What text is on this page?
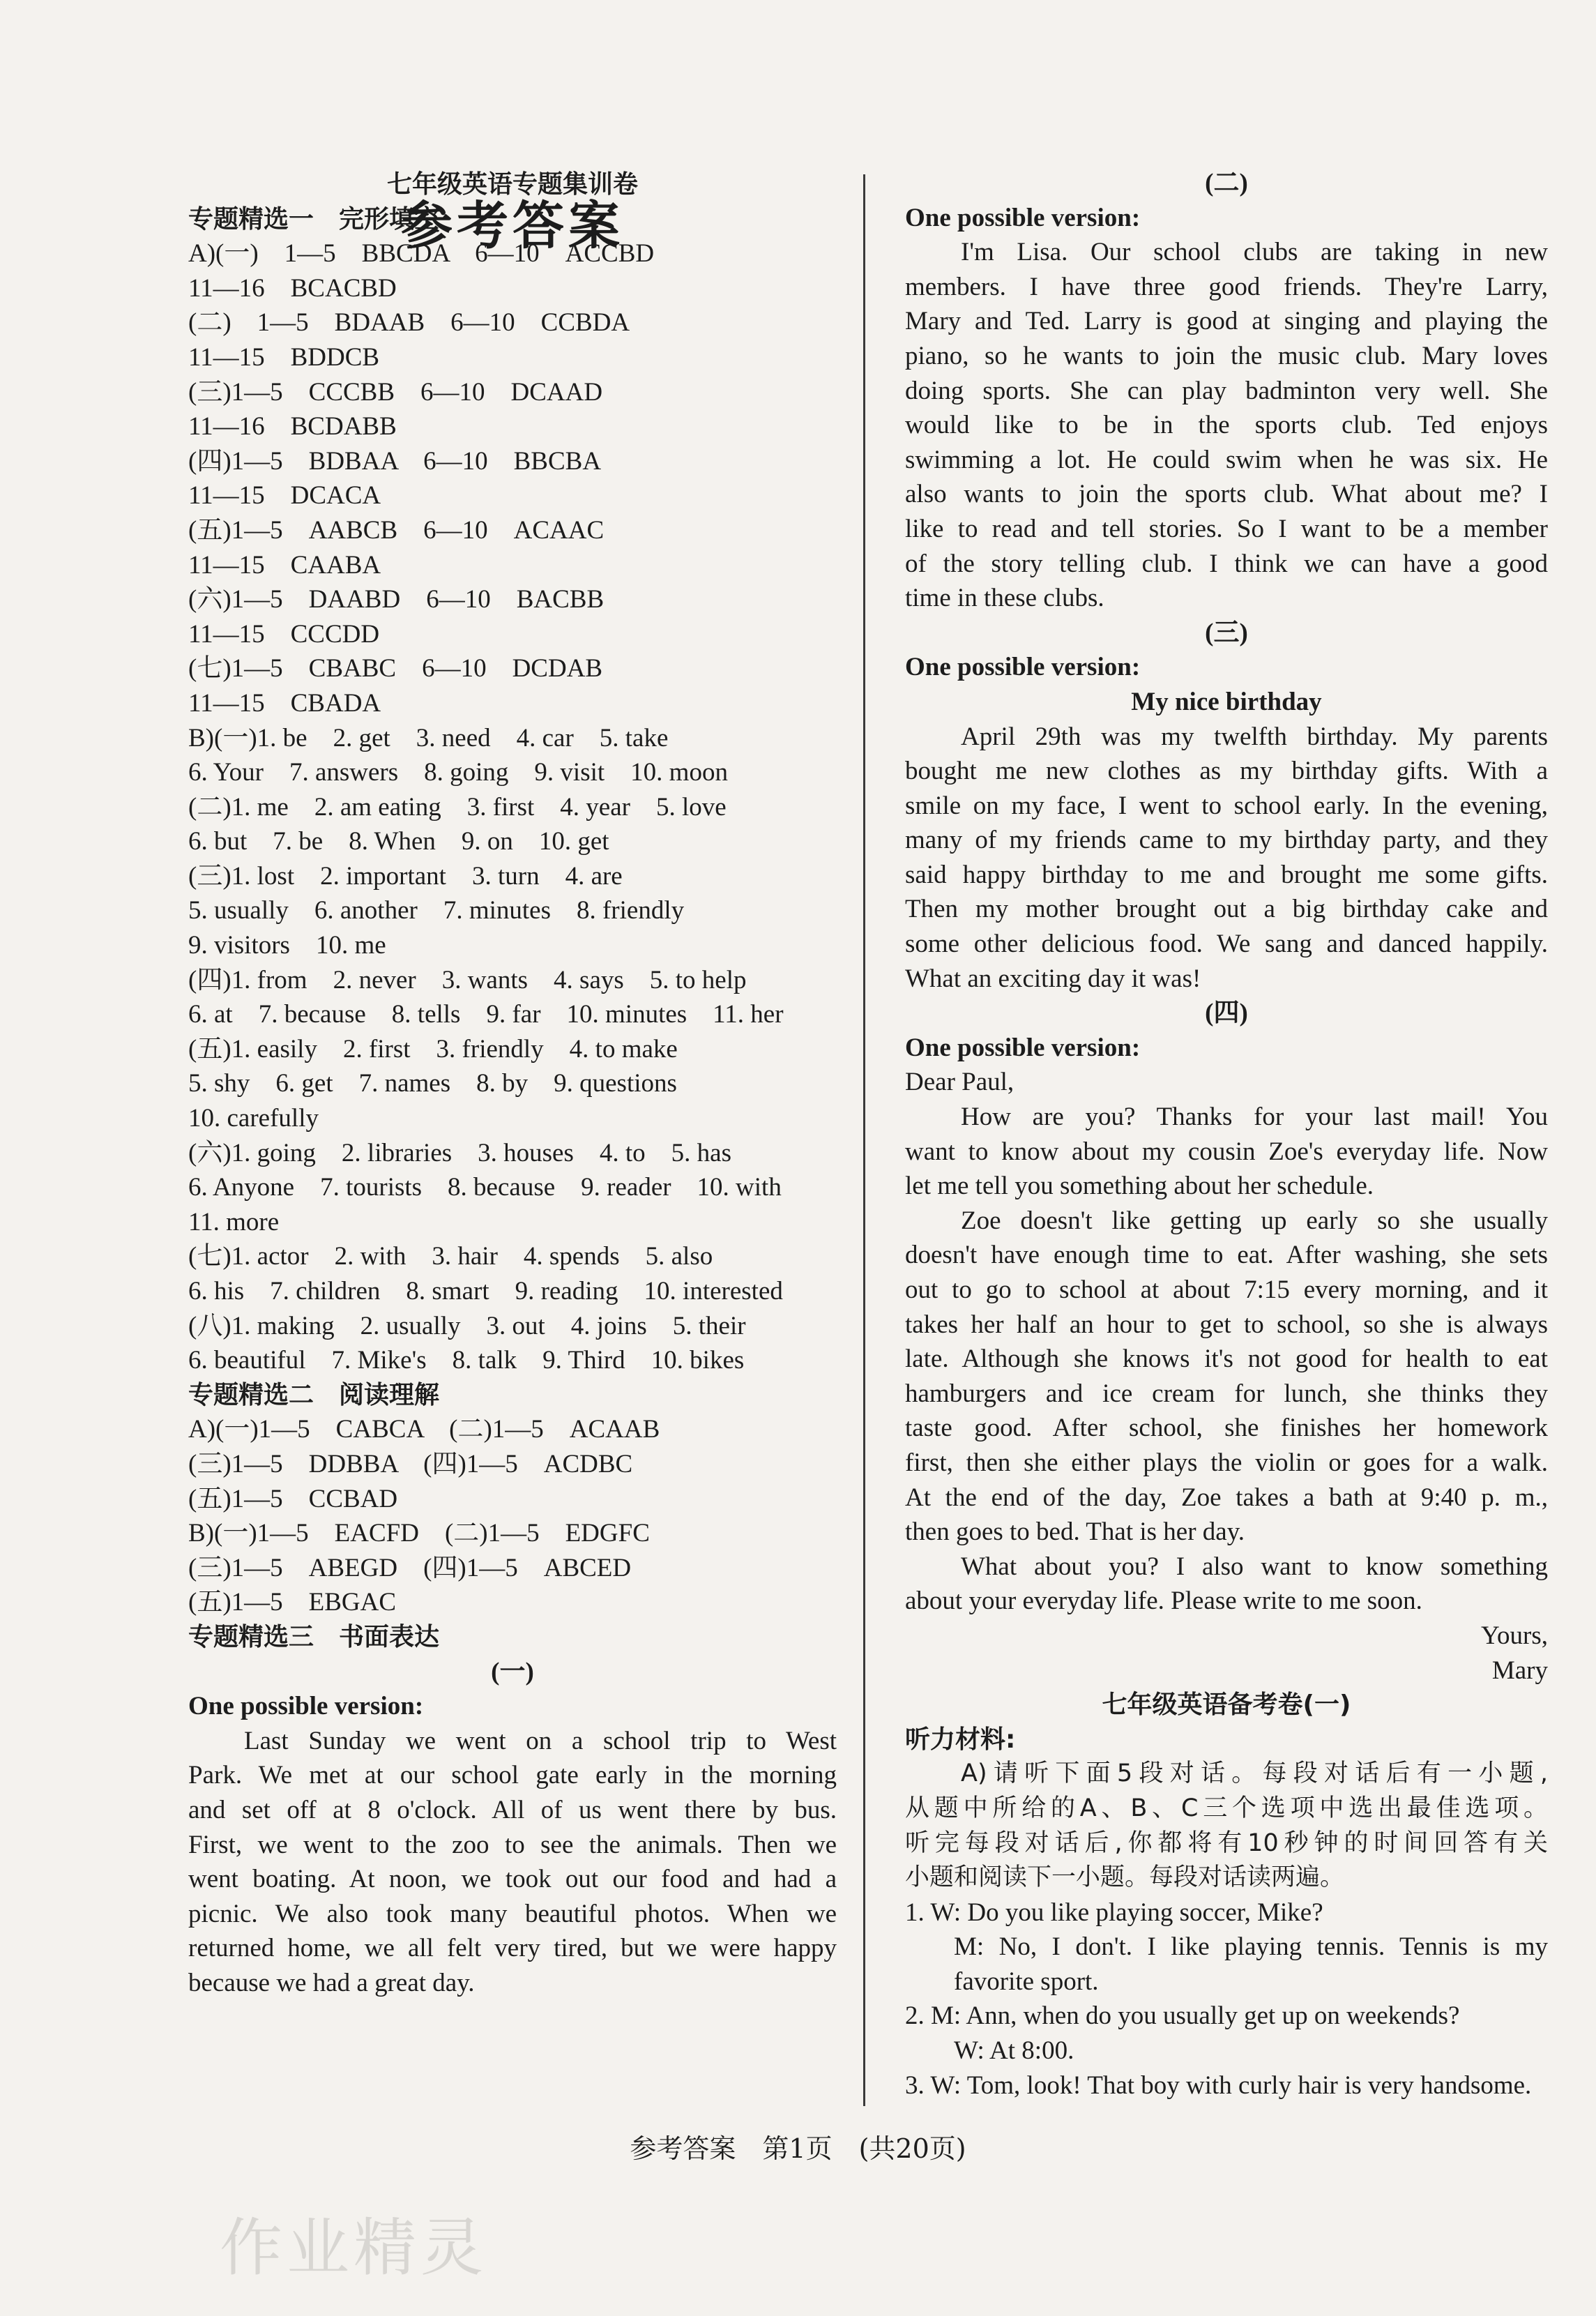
参考答案
七年级英语专题集训卷
专题精选一　完形填空
A)(一)　1—5　BBCDA　6—10　ACCBD
11—16　BCACBD
(二)　1—5　BDAAB　6—10　CCBDA
11—15　BDDCB
(三)1—5　CCCBB　6—10　DCAAD
11—16　BCDABB
(四)1—5　BDBAA　6—10　BBCBA
11—15　DCACA
(五)1—5　AABCB　6—10　ACAAC
11—15　CAABA
(六)1—5　DAABD　6—10　BACBB
11—15　CCCDD
(七)1—5　CBABC　6—10　DCDAB
11—15　CBADA
B)(一)1. be　2. get　3. need　4. car　5. take
6. Your　7. answers　8. going　9. visit　10. moon
(二)1. me　2. am eating　3. first　4. year　5. love
6. but　7. be　8. When　9. on　10. get
(三)1. lost　2. important　3. turn　4. are
5. usually　6. another　7. minutes　8. friendly
9. visitors　10. me
(四)1. from　2. never　3. wants　4. says　5. to help
6. at　7. because　8. tells　9. far　10. minutes　11. her
(五)1. easily　2. first　3. friendly　4. to make
5. shy　6. get　7. names　8. by　9. questions
10. carefully
(六)1. going　2. libraries　3. houses　4. to　5. has
6. Anyone　7. tourists　8. because　9. reader　10. with
11. more
(七)1. actor　2. with　3. hair　4. spends　5. also
6. his　7. children　8. smart　9. reading　10. interested
(八)1. making　2. usually　3. out　4. joins　5. their
6. beautiful　7. Mike's　8. talk　9. Third　10. bikes
专题精选二　阅读理解
A)(一)1—5　CABCA　(二)1—5　ACAAB
(三)1—5　DDBBA　(四)1—5　ACDBC
(五)1—5　CCBAD
B)(一)1—5　EACFD　(二)1—5　EDGFC
(三)1—5　ABEGD　(四)1—5　ABCED
(五)1—5　EBGAC
专题精选三　书面表达
(一)
One possible version:
Last Sunday we went on a school trip to West
Park. We met at our school gate early in the morning
and set off at 8 o'clock. All of us went there by bus.
First, we went to the zoo to see the animals. Then we
went boating. At noon, we took out our food and had a
picnic. We also took many beautiful photos. When we
returned home, we all felt very tired, but we were happy
because we had a great day.
(二)
One possible version:
I'm Lisa. Our school clubs are taking in new
members. I have three good friends. They're Larry,
Mary and Ted. Larry is good at singing and playing the
piano, so he wants to join the music club. Mary loves
doing sports. She can play badminton very well. She
would like to be in the sports club. Ted enjoys
swimming a lot. He could swim when he was six. He
also wants to join the sports club. What about me? I
like to read and tell stories. So I want to be a member
of the story telling club. I think we can have a good
time in these clubs.
(三)
One possible version:
My nice birthday
April 29th was my twelfth birthday. My parents
bought me new clothes as my birthday gifts. With a
smile on my face, I went to school early. In the evening,
many of my friends came to my birthday party, and they
said happy birthday to me and brought me some gifts.
Then my mother brought out a big birthday cake and
some other delicious food. We sang and danced happily.
What an exciting day it was!
(四)
One possible version:
Dear Paul,
How are you? Thanks for your last mail! You
want to know about my cousin Zoe's everyday life. Now
let me tell you something about her schedule.
Zoe doesn't like getting up early so she usually
doesn't have enough time to eat. After washing, she sets
out to go to school at about 7:15 every morning, and it
takes her half an hour to get to school, so she is always
late. Although she knows it's not good for health to eat
hamburgers and ice cream for lunch, she thinks they
taste good. After school, she finishes her homework
first, then she either plays the violin or goes for a walk.
At the end of the day, Zoe takes a bath at 9:40 p. m.,
then goes to bed. That is her day.
What about you? I also want to know something
about your everyday life. Please write to me soon.
Yours,
Mary
七年级英语备考卷(一)
听力材料:
A)请听下面5段对话。每段对话后有一小题,
从题中所给的A、B、C三个选项中选出最佳选项。
听完每段对话后,你都将有10秒钟的时间回答有关
小题和阅读下一小题。每段对话读两遍。
1. W: Do you like playing soccer, Mike?
M: No, I don't. I like playing tennis. Tennis is my
favorite sport.
2. M: Ann, when do you usually get up on weekends?
W: At 8:00.
3. W: Tom, look! That boy with curly hair is very handsome.
参考答案　第1页　(共20页)
作业精灵
